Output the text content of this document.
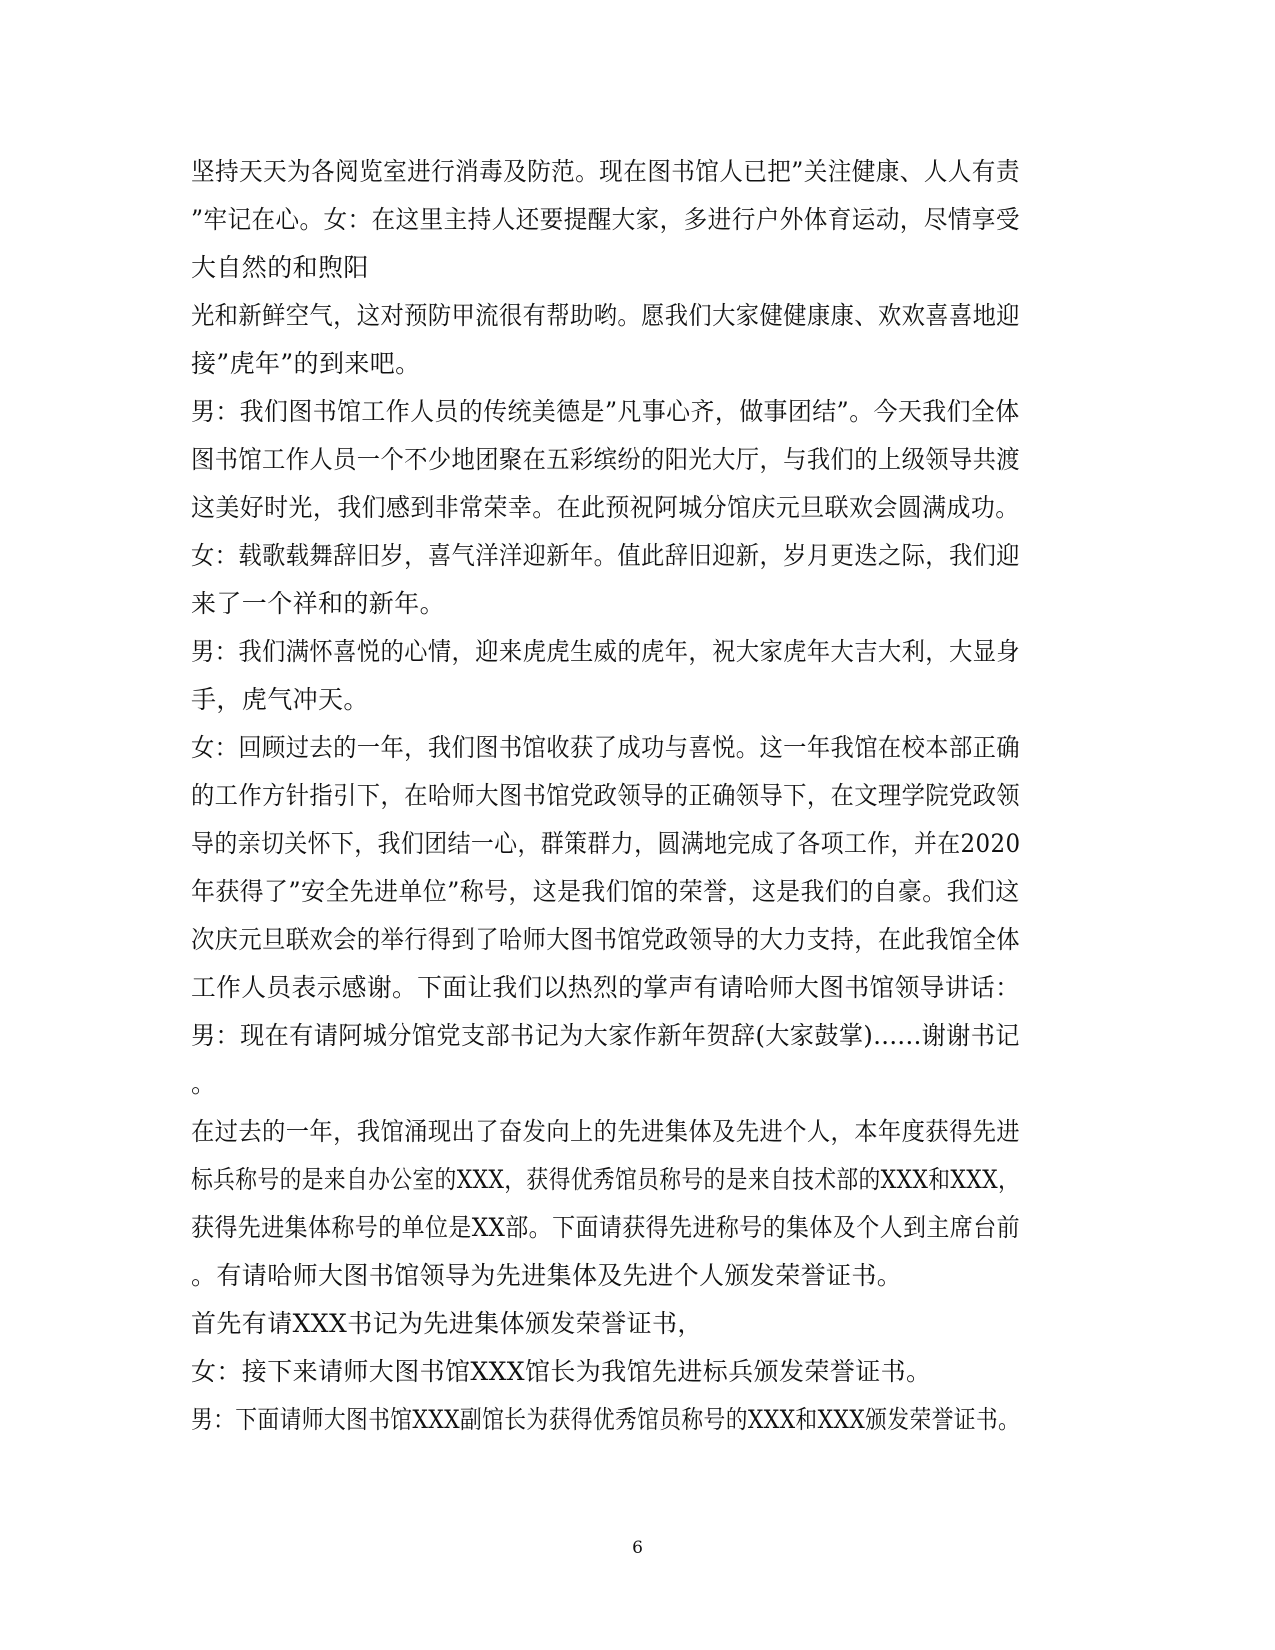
坚持天天为各阅览室进行消毒及防范。现在图书馆人已把”关注健康、人人有责
”牢记在心。女：在这里主持人还要提醒大家，多进行户外体育运动，尽情享受
大自然的和煦阳
光和新鲜空气，这对预防甲流很有帮助哟。愿我们大家健健康康、欢欢喜喜地迎
接”虎年”的到来吧。
男：我们图书馆工作人员的传统美德是”凡事心齐，做事团结”。今天我们全体
图书馆工作人员一个不少地团聚在五彩缤纷的阳光大厅，与我们的上级领导共渡
这美好时光，我们感到非常荣幸。在此预祝阿城分馆庆元旦联欢会圆满成功。
女：载歌载舞辞旧岁，喜气洋洋迎新年。值此辞旧迎新，岁月更迭之际，我们迎
来了一个祥和的新年。
男：我们满怀喜悦的心情，迎来虎虎生威的虎年，祝大家虎年大吉大利，大显身
手，虎气冲天。
女：回顾过去的一年，我们图书馆收获了成功与喜悦。这一年我馆在校本部正确
的工作方针指引下，在哈师大图书馆党政领导的正确领导下，在文理学院党政领
导的亲切关怀下，我们团结一心，群策群力，圆满地完成了各项工作，并在2020
年获得了”安全先进单位”称号，这是我们馆的荣誉，这是我们的自豪。我们这
次庆元旦联欢会的举行得到了哈师大图书馆党政领导的大力支持，在此我馆全体
工作人员表示感谢。下面让我们以热烈的掌声有请哈师大图书馆领导讲话：
男：现在有请阿城分馆党支部书记为大家作新年贺辞(大家鼓掌)......谢谢书记
。
在过去的一年，我馆涌现出了奋发向上的先进集体及先进个人，本年度获得先进
标兵称号的是来自办公室的XXX，获得优秀馆员称号的是来自技术部的XXX和XXX，
获得先进集体称号的单位是XX部。下面请获得先进称号的集体及个人到主席台前
。有请哈师大图书馆领导为先进集体及先进个人颁发荣誉证书。
首先有请XXX书记为先进集体颁发荣誉证书，
女：接下来请师大图书馆XXX馆长为我馆先进标兵颁发荣誉证书。
男：下面请师大图书馆XXX副馆长为获得优秀馆员称号的XXX和XXX颁发荣誉证书。
6
